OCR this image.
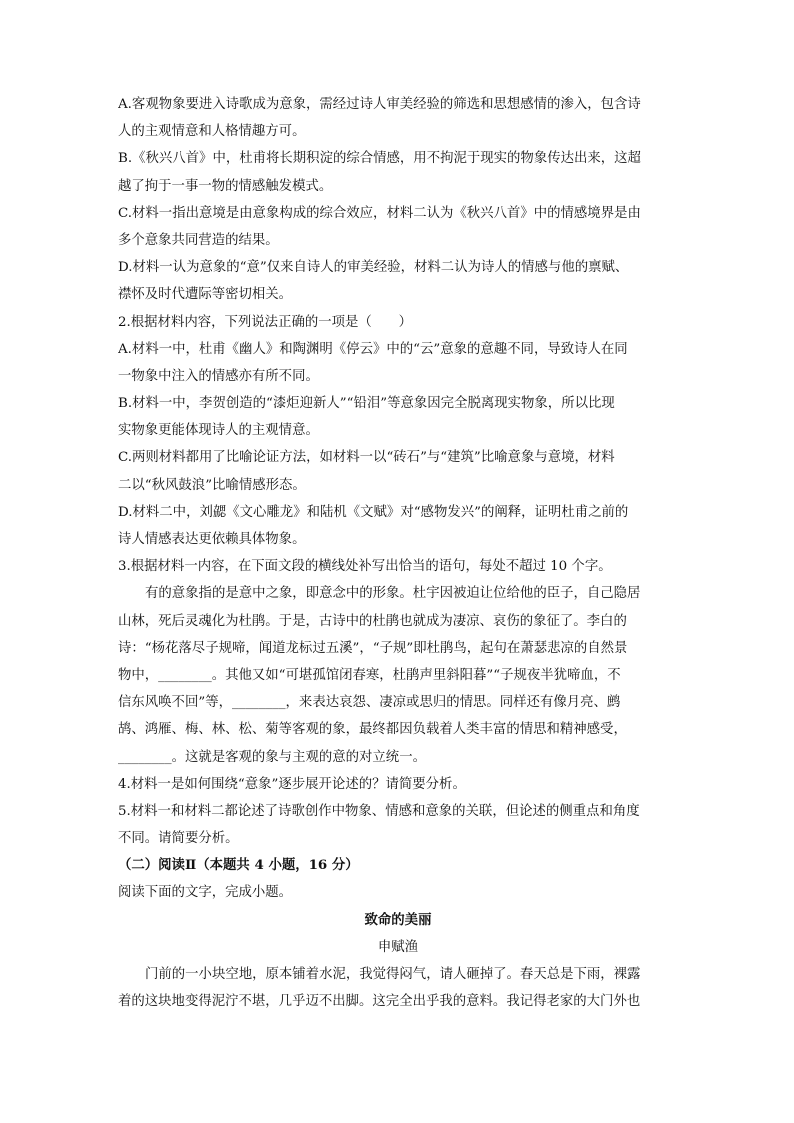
A.客观物象要进入诗歌成为意象，需经过诗人审美经验的筛选和思想感情的渗入，包含诗
人的主观情意和人格情趣方可。
B.《秋兴八首》中，杜甫将长期积淀的综合情感，用不拘泥于现实的物象传达出来，这超
越了拘于一事一物的情感触发模式。
C.材料一指出意境是由意象构成的综合效应，材料二认为《秋兴八首》中的情感境界是由
多个意象共同营造的结果。
D.材料一认为意象的“意”仅来自诗人的审美经验，材料二认为诗人的情感与他的禀赋、
襟怀及时代遭际等密切相关。
2.根据材料内容，下列说法正确的一项是（　　）
A.材料一中，杜甫《幽人》和陶渊明《停云》中的“云”意象的意趣不同，导致诗人在同
一物象中注入的情感亦有所不同。
B.材料一中，李贺创造的“漆炬迎新人”“铅泪”等意象因完全脱离现实物象，所以比现
实物象更能体现诗人的主观情意。
C.两则材料都用了比喻论证方法，如材料一以“砖石”与“建筑”比喻意象与意境，材料
二以“秋风鼓浪”比喻情感形态。
D.材料二中，刘勰《文心雕龙》和陆机《文赋》对“感物发兴”的阐释，证明杜甫之前的
诗人情感表达更依赖具体物象。
3.根据材料一内容，在下面文段的横线处补写出恰当的语句，每处不超过 10 个字。
有的意象指的是意中之象，即意念中的形象。杜宇因被迫让位给他的臣子，自己隐居
山林，死后灵魂化为杜鹃。于是，古诗中的杜鹃也就成为凄凉、哀伤的象征了。李白的
诗：“杨花落尽子规啼，闻道龙标过五溪”，“子规”即杜鹃鸟，起句在萧瑟悲凉的自然景
物中，________。其他又如“可堪孤馆闭春寒，杜鹃声里斜阳暮”“子规夜半犹啼血，不
信东风唤不回”等，________，来表达哀怨、凄凉或思归的情思。同样还有像月亮、鹧
鸪、鸿雁、梅、林、松、菊等客观的象，最终都因负载着人类丰富的情思和精神感受，
________。这就是客观的象与主观的意的对立统一。
4.材料一是如何围绕“意象”逐步展开论述的？请简要分析。
5.材料一和材料二都论述了诗歌创作中物象、情感和意象的关联，但论述的侧重点和角度
不同。请简要分析。
（二）阅读Ⅱ（本题共 4 小题，16 分）
阅读下面的文字，完成小题。
致命的美丽
申赋渔
门前的一小块空地，原本铺着水泥，我觉得闷气，请人砸掉了。春天总是下雨，裸露
着的这块地变得泥泞不堪，几乎迈不出脚。这完全出乎我的意料。我记得老家的大门外也
